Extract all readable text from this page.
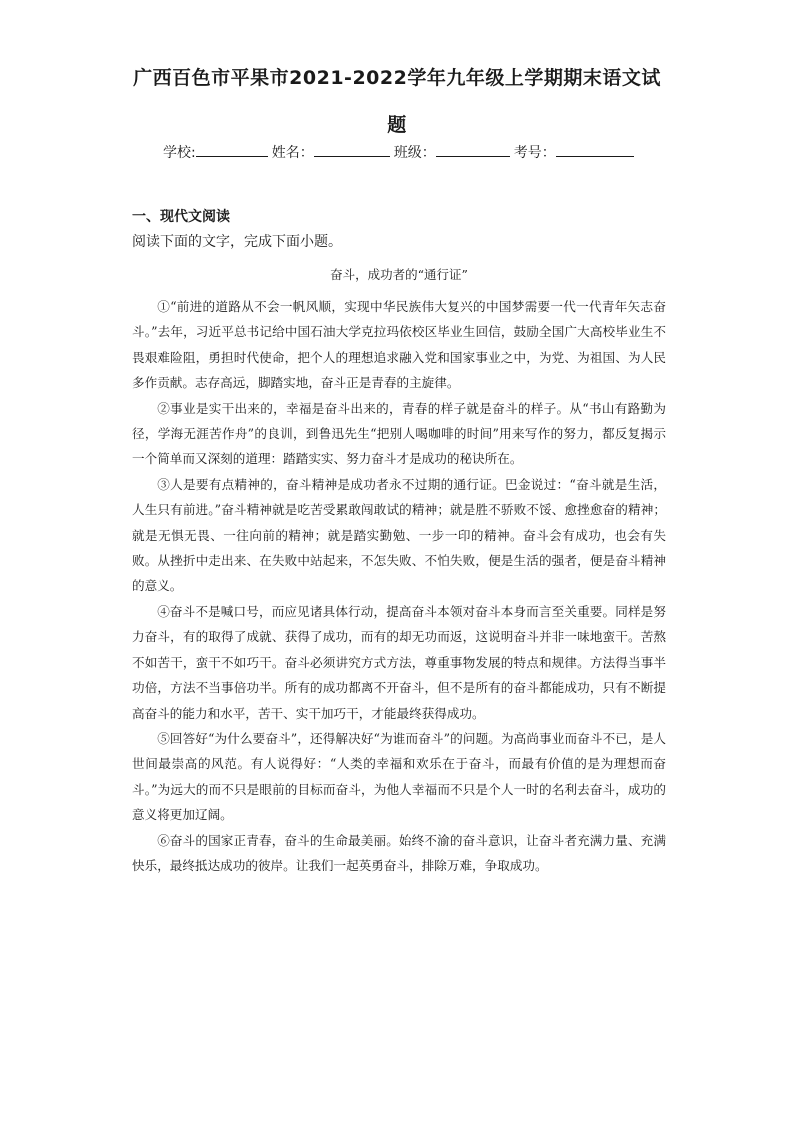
广西百色市平果市2021-2022学年九年级上学期期末语文试
题
学校:	姓名：	班级：	考号：
一、现代文阅读
阅读下面的文字，完成下面小题。
奋斗，成功者的“通行证”

①“前进的道路从不会一帆风顺，实现中华民族伟大复兴的中国梦需要一代一代青年矢志奋斗。”去年，习近平总书记给中国石油大学克拉玛依校区毕业生回信，鼓励全国广大高校毕业生不畏艰难险阻，勇担时代使命，把个人的理想追求融入党和国家事业之中，为党、为祖国、为人民多作贡献。志存高远，脚踏实地，奋斗正是青春的主旋律。

②事业是实干出来的，幸福是奋斗出来的，青春的样子就是奋斗的样子。从“书山有路勤为径，学海无涯苦作舟”的良训，到鲁迅先生“把别人喝咖啡的时间”用来写作的努力，都反复揭示一个简单而又深刻的道理：踏踏实实、努力奋斗才是成功的秘诀所在。

③人是要有点精神的，奋斗精神是成功者永不过期的通行证。巴金说过：“奋斗就是生活，人生只有前进。”奋斗精神就是吃苦受累敢闯敢试的精神；就是胜不骄败不馁、愈挫愈奋的精神；就是无惧无畏、一往向前的精神；就是踏实勤勉、一步一印的精神。奋斗会有成功，也会有失败。从挫折中走出来、在失败中站起来，不怎失败、不怕失败，便是生活的强者，便是奋斗精神的意义。

④奋斗不是喊口号，而应见诸具体行动，提高奋斗本领对奋斗本身而言至关重要。同样是努力奋斗，有的取得了成就、获得了成功，而有的却无功而返，这说明奋斗并非一味地蛮干。苦熬不如苦干，蛮干不如巧干。奋斗必须讲究方式方法，尊重事物发展的特点和规律。方法得当事半功倍，方法不当事倍功半。所有的成功都离不开奋斗，但不是所有的奋斗都能成功，只有不断提高奋斗的能力和水平，苦干、实干加巧干，才能最终获得成功。

⑤回答好“为什么要奋斗”，还得解决好“为谁而奋斗”的问题。为高尚事业而奋斗不已，是人世间最崇高的风范。有人说得好：“人类的幸福和欢乐在于奋斗，而最有价值的是为理想而奋斗。”为远大的而不只是眼前的目标而奋斗，为他人幸福而不只是个人一时的名利去奋斗，成功的意义将更加辽阔。

⑥奋斗的国家正青春，奋斗的生命最美丽。始终不渝的奋斗意识，让奋斗者充满力量、充满快乐，最终抵达成功的彼岸。让我们一起英勇奋斗，排除万难，争取成功。
